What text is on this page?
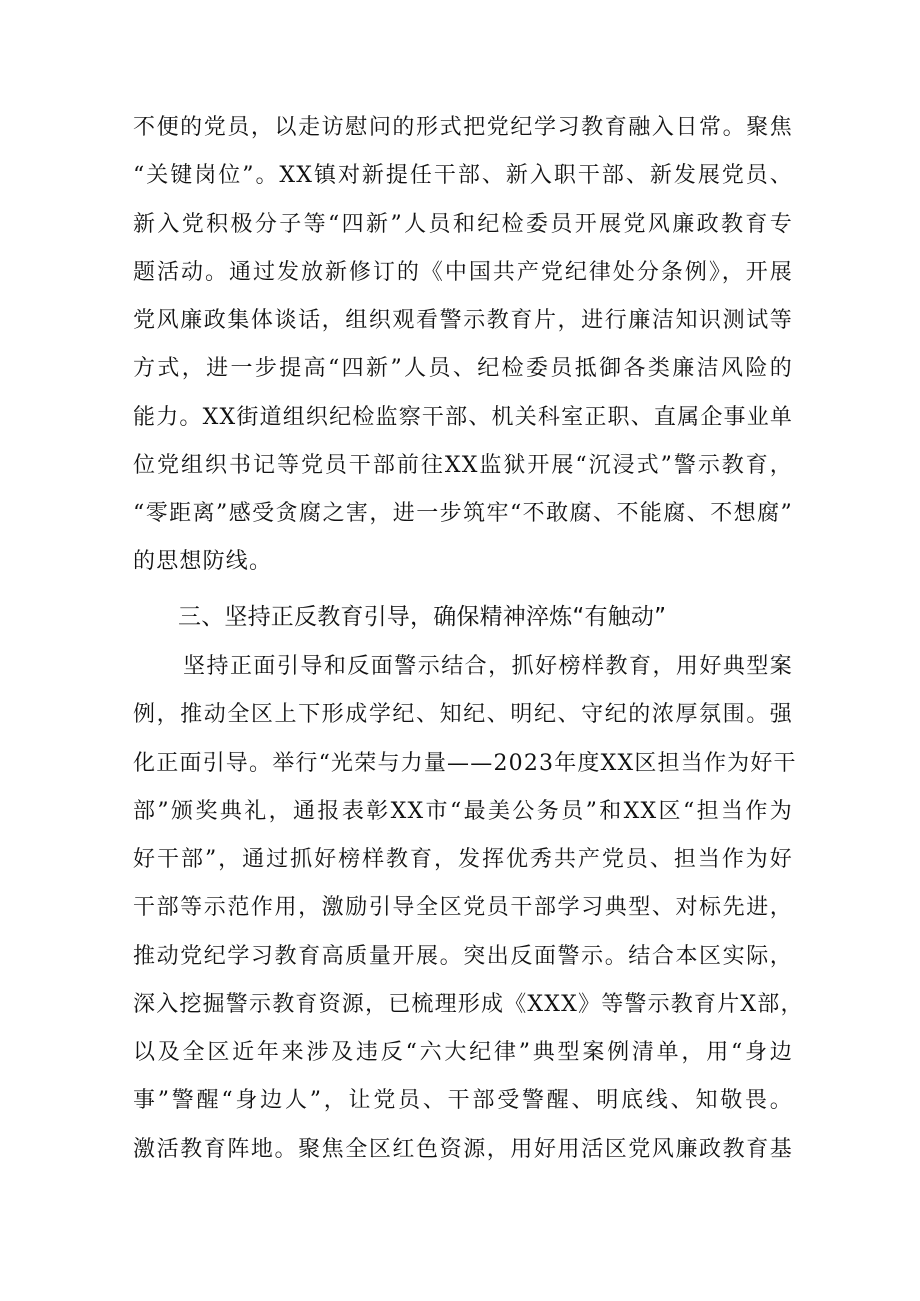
不便的党员，以走访慰问的形式把党纪学习教育融入日常。聚焦
“关键岗位”。XX镇对新提任干部、新入职干部、新发展党员、
新入党积极分子等“四新”人员和纪检委员开展党风廉政教育专
题活动。通过发放新修订的《中国共产党纪律处分条例》，开展
党风廉政集体谈话，组织观看警示教育片，进行廉洁知识测试等
方式，进一步提高“四新”人员、纪检委员抵御各类廉洁风险的
能力。XX街道组织纪检监察干部、机关科室正职、直属企事业单
位党组织书记等党员干部前往XX监狱开展“沉浸式”警示教育，
“零距离”感受贪腐之害，进一步筑牢“不敢腐、不能腐、不想腐”
的思想防线。
三、坚持正反教育引导，确保精神淬炼“有触动”
坚持正面引导和反面警示结合，抓好榜样教育，用好典型案
例，推动全区上下形成学纪、知纪、明纪、守纪的浓厚氛围。强
化正面引导。举行“光荣与力量——2023年度XX区担当作为好干
部”颁奖典礼，通报表彰XX市“最美公务员”和XX区“担当作为
好干部”，通过抓好榜样教育，发挥优秀共产党员、担当作为好
干部等示范作用，激励引导全区党员干部学习典型、对标先进，
推动党纪学习教育高质量开展。突出反面警示。结合本区实际，
深入挖掘警示教育资源，已梳理形成《XXX》等警示教育片X部，
以及全区近年来涉及违反“六大纪律”典型案例清单，用“身边
事”警醒“身边人”，让党员、干部受警醒、明底线、知敬畏。
激活教育阵地。聚焦全区红色资源，用好用活区党风廉政教育基
